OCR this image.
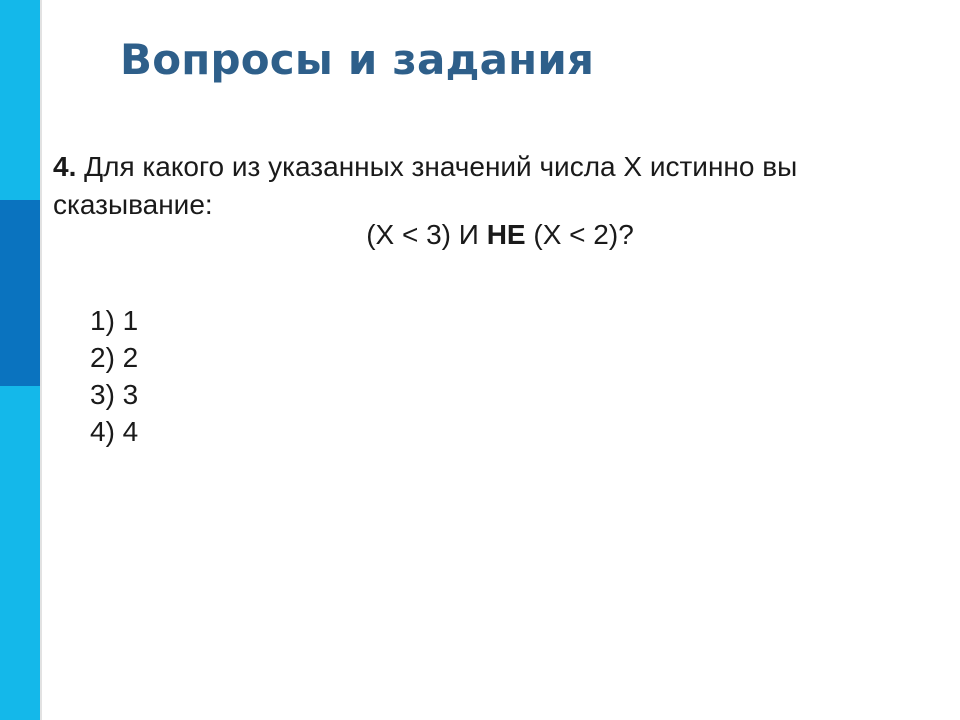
Вопросы и задания
4. Для какого из указанных значений числа X истинно вы
сказывание:
(X < 3) И НЕ (X < 2)?
1) 1
2) 2
3) 3
4) 4
